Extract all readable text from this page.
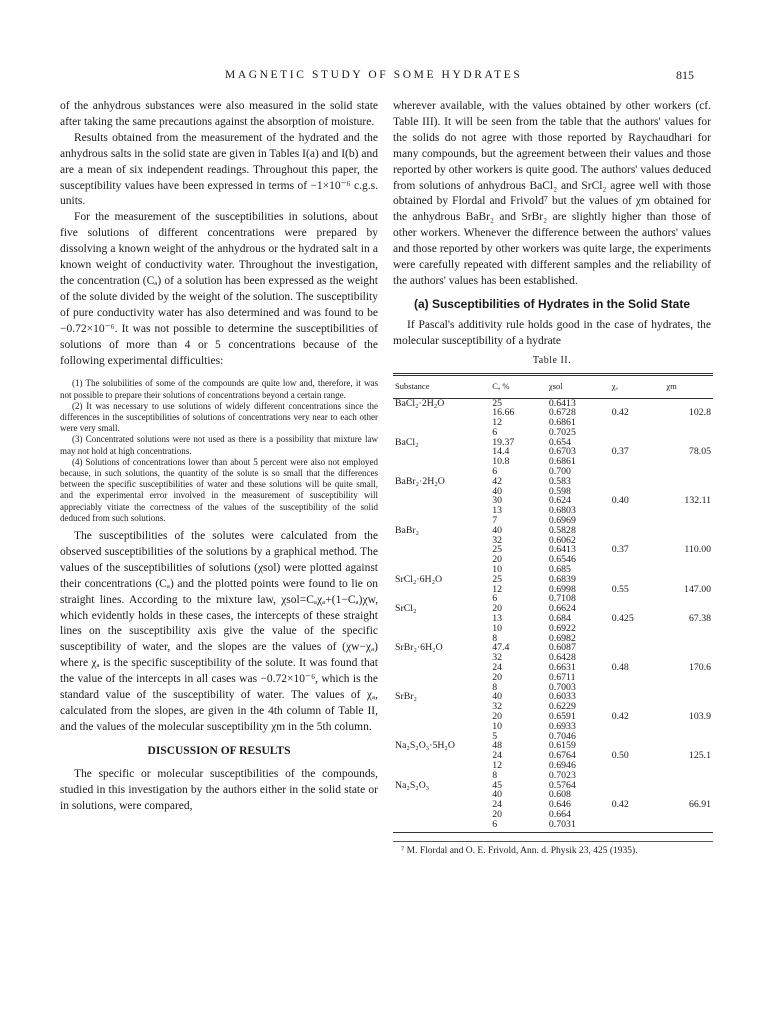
MAGNETIC STUDY OF SOME HYDRATES	815

of the anhydrous substances were also measured in the solid state after taking the same precautions against the absorption of moisture.

Results obtained from the measurement of the hydrated and the anhydrous salts in the solid state are given in Tables I(a) and I(b) and are a mean of six independent readings. Throughout this paper, the susceptibility values have been expressed in terms of −1×10⁻⁶ c.g.s. units.

For the measurement of the susceptibilities in solutions, about five solutions of different concentrations were prepared by dissolving a known weight of the anhydrous or the hydrated salt in a known weight of conductivity water. Throughout the investigation, the concentration (Cₐ) of a solution has been expressed as the weight of the solute divided by the weight of the solution. The susceptibility of pure conductivity water has also determined and was found to be −0.72×10⁻⁶. It was not possible to determine the susceptibilities of solutions of more than 4 or 5 concentrations because of the following experimental difficulties:

(1) The solubilities of some of the compounds are quite low and, therefore, it was not possible to prepare their solutions of concentrations beyond a certain range.

(2) It was necessary to use solutions of widely different concentrations since the differences in the susceptibilities of solutions of concentrations very near to each other were very small.

(3) Concentrated solutions were not used as there is a possibility that mixture law may not hold at high concentrations.

(4) Solutions of concentrations lower than about 5 percent were also not employed because, in such solutions, the quantity of the solute is so small that the differences between the specific susceptibilities of water and these solutions will be quite small, and the experimental error involved in the measurement of susceptibility will appreciably vitiate the correctness of the values of the susceptibility of the solid deduced from such solutions.

The susceptibilities of the solutes were calculated from the observed susceptibilities of the solutions by a graphical method. The values of the susceptibilities of solutions (χsol) were plotted against their concentrations (Cₐ) and the plotted points were found to lie on straight lines. According to the mixture law, χsol=Cₐχₐ+(1−Cₐ)χw, which evidently holds in these cases, the intercepts of these straight lines on the susceptibility axis give the value of the specific susceptibility of water, and the slopes are the values of (χw−χₐ) where χₐ is the specific susceptibility of the solute. It was found that the value of the intercepts in all cases was −0.72×10⁻⁶, which is the standard value of the susceptibility of water. The values of χₐ, calculated from the slopes, are given in the 4th column of Table II, and the values of the molecular susceptibility χm in the 5th column.

DISCUSSION OF RESULTS

The specific or molecular susceptibilities of the compounds, studied in this investigation by the authors either in the solid state or in solutions, were compared,

wherever available, with the values obtained by other workers (cf. Table III). It will be seen from the table that the authors' values for the solids do not agree with those reported by Raychaudhari for many compounds, but the agreement between their values and those reported by other workers is quite good. The authors' values deduced from solutions of anhydrous BaCl₂ and SrCl₂ agree well with those obtained by Flordal and Frivold⁷ but the values of χm obtained for the anhydrous BaBr₂ and SrBr₂ are slightly higher than those of other workers. Whenever the difference between the authors' values and those reported by other workers was quite large, the experiments were carefully repeated with different samples and the reliability of the authors' values has been established.

(a) Susceptibilities of Hydrates in the Solid State

If Pascal's additivity rule holds good in the case of hydrates, the molecular susceptibility of a hydrate

Table II.
Substance	Cₐ %	χsol	χₐ	χm
BaCl₂·2H₂O	25	0.6413		
	16.66	0.6728	0.42	102.8
	12	0.6861		
	6	0.7025		
BaCl₂	19.37	0.654		
	14.4	0.6703	0.37	78.05
	10.8	0.6861		
	6	0.700		
BaBr₂·2H₂O	42	0.583		
	40	0.598		
	30	0.624	0.40	132.11
	13	0.6803		
	7	0.6969		
BaBr₂	40	0.5828		
	32	0.6062		
	25	0.6413	0.37	110.00
	20	0.6546		
	10	0.685		
SrCl₂·6H₂O	25	0.6839		
	12	0.6998	0.55	147.00
	6	0.7108		
SrCl₂	20	0.6624		
	13	0.684	0.425	67.38
	10	0.6922		
	8	0.6982		
SrBr₂·6H₂O	47.4	0.6087		
	32	0.6428		
	24	0.6631	0.48	170.6
	20	0.6711		
	8	0.7003		
SrBr₂	40	0.6033		
	32	0.6229		
	20	0.6591	0.42	103.9
	10	0.6933		
	5	0.7046		
Na₂S₂O₃·5H₂O	48	0.6159		
	24	0.6764	0.50	125.1
	12	0.6946		
	8	0.7023		
Na₂S₂O₃	45	0.5764		
	40	0.608		
	24	0.646	0.42	66.91
	20	0.664		
	6	0.7031		
⁷ M. Flordal and O. E. Frivold, Ann. d. Physik 23, 425 (1935).
